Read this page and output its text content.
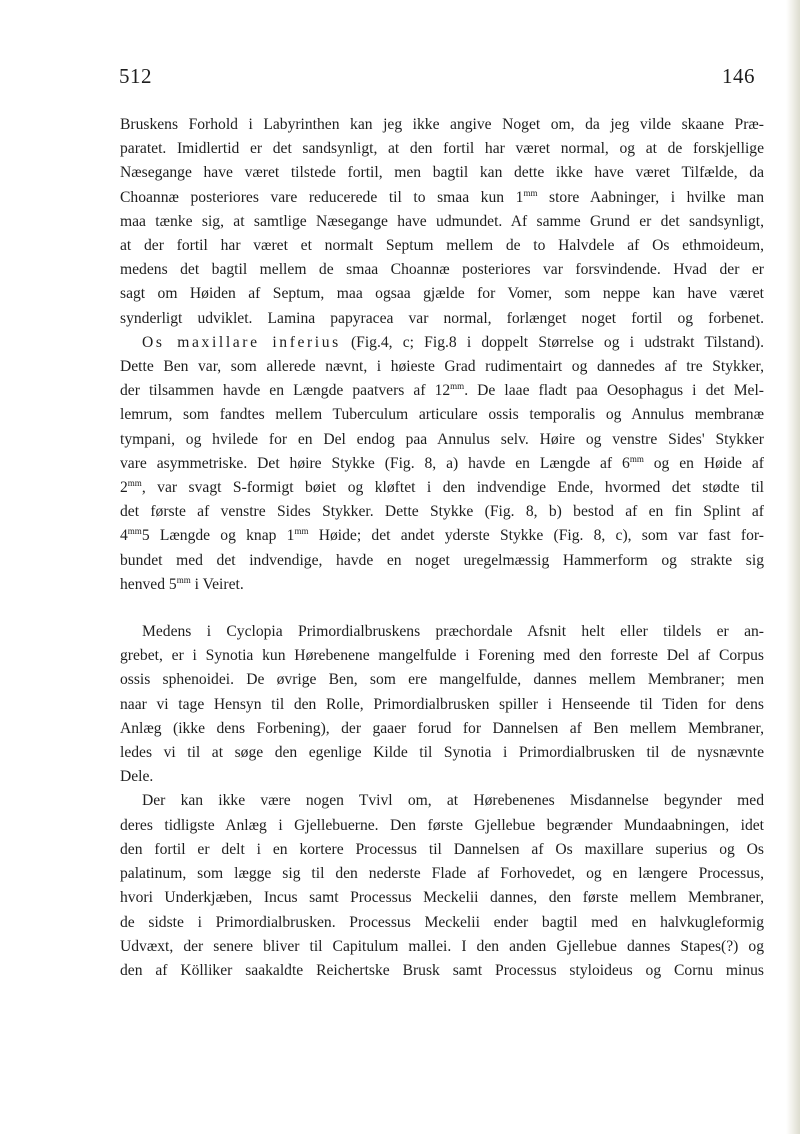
512	146

Bruskens Forhold i Labyrinthen kan jeg ikke angive Noget om, da jeg vilde skaane Præ-
paratet. Imidlertid er det sandsynligt, at den fortil har været normal, og at de forskjellige
Næsegange have været tilstede fortil, men bagtil kan dette ikke have været Tilfælde, da
Choannæ posteriores vare reducerede til to smaa kun $1^{mm}$ store Aabninger, i hvilke man
maa tænke sig, at samtlige Næsegange have udmundet. Af samme Grund er det sandsynligt,
at der fortil har været et normalt Septum mellem de to Halvdele af Os ethmoideum,
medens det bagtil mellem de smaa Choannæ posteriores var forsvindende. Hvad der er
sagt om Høiden af Septum, maa ogsaa gjælde for Vomer, som neppe kan have været
synderligt udviklet. Lamina papyracea var normal, forlænget noget fortil og forbenet.

Os maxillare inferius (Fig.4, c; Fig.8 i doppelt Størrelse og i udstrakt Tilstand).
Dette Ben var, som allerede nævnt, i høieste Grad rudimentairt og dannedes af tre Stykker,
der tilsammen havde en Længde paatvers af $12^{mm}$. De laae fladt paa Oesophagus i det Mel-
lemrum, som fandtes mellem Tuberculum articulare ossis temporalis og Annulus membranæ
tympani, og hvilede for en Del endog paa Annulus selv. Høire og venstre Sides' Stykker
vare asymmetriske. Det høire Stykke (Fig. 8, a) havde en Længde af $6^{mm}$ og en Høide af
$2^{mm}$, var svagt S-formigt bøiet og kløftet i den indvendige Ende, hvormed det stødte til
det første af venstre Sides Stykker. Dette Stykke (Fig. 8, b) bestod af en fin Splint af
$4^{mm}5$ Længde og knap $1^{mm}$ Høide; det andet yderste Stykke (Fig. 8, c), som var fast for-
bundet med det indvendige, havde en noget uregelmæssig Hammerform og strakte sig
henved $5^{mm}$ i Veiret.

Medens i Cyclopia Primordialbruskens præchordale Afsnit helt eller tildels er an-
grebet, er i Synotia kun Hørebenene mangelfulde i Forening med den forreste Del af Corpus
ossis sphenoidei. De øvrige Ben, som ere mangelfulde, dannes mellem Membraner; men
naar vi tage Hensyn til den Rolle, Primordialbrusken spiller i Henseende til Tiden for dens
Anlæg (ikke dens Forbening), der gaaer forud for Dannelsen af Ben mellem Membraner,
ledes vi til at søge den egenlige Kilde til Synotia i Primordialbrusken til de nysnævnte
Dele.

Der kan ikke være nogen Tvivl om, at Hørebenenes Misdannelse begynder med
deres tidligste Anlæg i Gjellebuerne. Den første Gjellebue begrænder Mundaabningen, idet
den fortil er delt i en kortere Processus til Dannelsen af Os maxillare superius og Os
palatinum, som lægge sig til den nederste Flade af Forhovedet, og en længere Processus,
hvori Underkjæben, Incus samt Processus Meckelii dannes, den første mellem Membraner,
de sidste i Primordialbrusken. Processus Meckelii ender bagtil med en halvkugleformig
Udvæxt, der senere bliver til Capitulum mallei. I den anden Gjellebue dannes Stapes(?) og
den af Kölliker saakaldte Reichertske Brusk samt Processus styloideus og Cornu minus
